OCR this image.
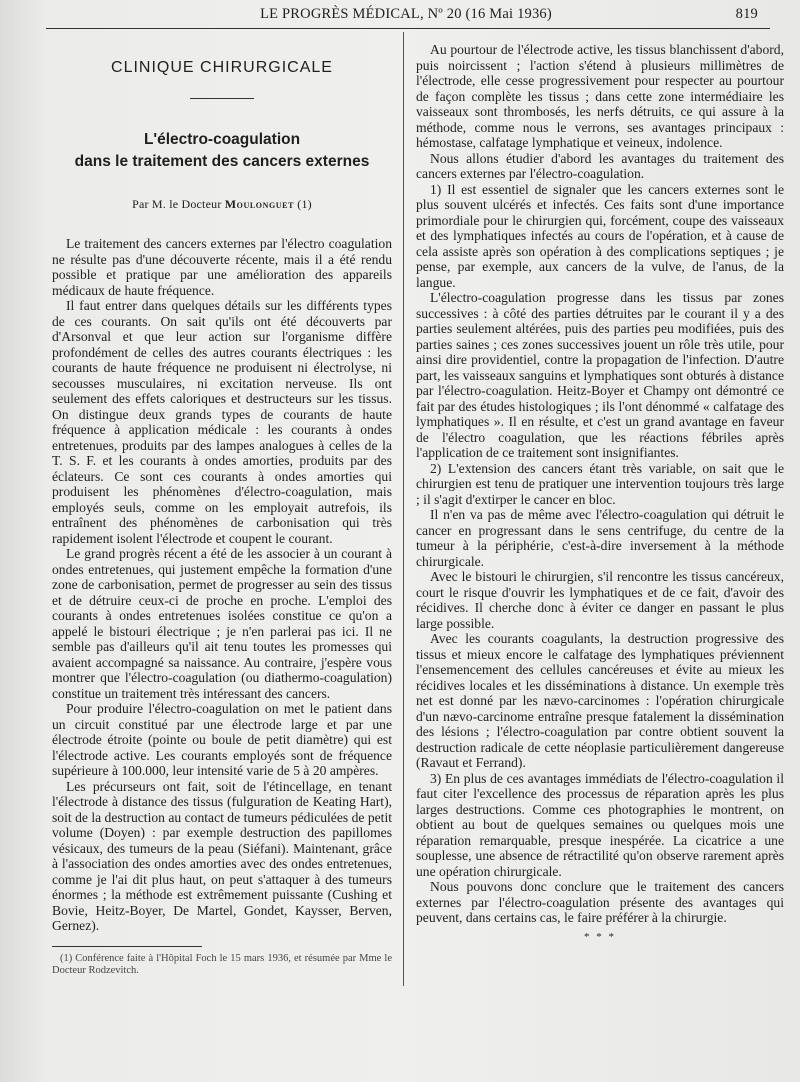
LE PROGRÈS MÉDICAL, Nº 20 (16 Mai 1936)	819

CLINIQUE CHIRURGICALE

L'électro-coagulation
dans le traitement des cancers externes

Par M. le Docteur Moulonguet (1)

Le traitement des cancers externes par l'électro coagulation ne résulte pas d'une découverte récente, mais il a été rendu possible et pratique par une amélioration des appareils médicaux de haute fréquence.

Il faut entrer dans quelques détails sur les différents types de ces courants. On sait qu'ils ont été découverts par d'Arsonval et que leur action sur l'organisme diffère profondément de celles des autres courants électriques : les courants de haute fréquence ne produisent ni électrolyse, ni secousses musculaires, ni excitation nerveuse. Ils ont seulement des effets caloriques et destructeurs sur les tissus. On distingue deux grands types de courants de haute fréquence à application médicale : les courants à ondes entretenues, produits par des lampes analogues à celles de la T. S. F. et les courants à ondes amorties, produits par des éclateurs. Ce sont ces courants à ondes amorties qui produisent les phénomènes d'électro-coagulation, mais employés seuls, comme on les employait autrefois, ils entraînent des phénomènes de carbonisation qui très rapidement isolent l'électrode et coupent le courant.

Le grand progrès récent a été de les associer à un courant à ondes entretenues, qui justement empêche la formation d'une zone de carbonisation, permet de progresser au sein des tissus et de détruire ceux-ci de proche en proche. L'emploi des courants à ondes entretenues isolées constitue ce qu'on a appelé le bistouri électrique ; je n'en parlerai pas ici. Il ne semble pas d'ailleurs qu'il ait tenu toutes les promesses qui avaient accompagné sa naissance. Au contraire, j'espère vous montrer que l'électro-coagulation (ou diathermo-coagulation) constitue un traitement très intéressant des cancers.

Pour produire l'électro-coagulation on met le patient dans un circuit constitué par une électrode large et par une électrode étroite (pointe ou boule de petit diamètre) qui est l'électrode active. Les courants employés sont de fréquence supérieure à 100.000, leur intensité varie de 5 à 20 ampères.

Les précurseurs ont fait, soit de l'étincellage, en tenant l'électrode à distance des tissus (fulguration de Keating Hart), soit de la destruction au contact de tumeurs pédiculées de petit volume (Doyen) : par exemple destruction des papillomes vésicaux, des tumeurs de la peau (Siéfani). Maintenant, grâce à l'association des ondes amorties avec des ondes entretenues, comme je l'ai dit plus haut, on peut s'attaquer à des tumeurs énormes ; la méthode est extrêmement puissante (Cushing et Bovie, Heitz-Boyer, De Martel, Gondet, Kaysser, Berven, Gernez).

(1) Conférence faite à l'Hôpital Foch le 15 mars 1936, et résumée par Mme le Docteur Rodzevitch.

Au pourtour de l'électrode active, les tissus blanchissent d'abord, puis noircissent ; l'action s'étend à plusieurs millimètres de l'électrode, elle cesse progressivement pour respecter au pourtour de façon complète les tissus ; dans cette zone intermédiaire les vaisseaux sont thrombosés, les nerfs détruits, ce qui assure à la méthode, comme nous le verrons, ses avantages principaux : hémostase, calfatage lymphatique et veineux, indolence.

Nous allons étudier d'abord les avantages du traitement des cancers externes par l'électro-coagulation.

1) Il est essentiel de signaler que les cancers externes sont le plus souvent ulcérés et infectés. Ces faits sont d'une importance primordiale pour le chirurgien qui, forcément, coupe des vaisseaux et des lymphatiques infectés au cours de l'opération, et à cause de cela assiste après son opération à des complications septiques ; je pense, par exemple, aux cancers de la vulve, de l'anus, de la langue.

L'électro-coagulation progresse dans les tissus par zones successives : à côté des parties détruites par le courant il y a des parties seulement altérées, puis des parties peu modifiées, puis des parties saines ; ces zones successives jouent un rôle très utile, pour ainsi dire providentiel, contre la propagation de l'infection. D'autre part, les vaisseaux sanguins et lymphatiques sont obturés à distance par l'électro-coagulation. Heitz-Boyer et Champy ont démontré ce fait par des études histologiques ; ils l'ont dénommé « calfatage des lymphatiques ». Il en résulte, et c'est un grand avantage en faveur de l'électro coagulation, que les réactions fébriles après l'application de ce traitement sont insignifiantes.

2) L'extension des cancers étant très variable, on sait que le chirurgien est tenu de pratiquer une intervention toujours très large ; il s'agit d'extirper le cancer en bloc.

Il n'en va pas de même avec l'électro-coagulation qui détruit le cancer en progressant dans le sens centrifuge, du centre de la tumeur à la périphérie, c'est-à-dire inversement à la méthode chirurgicale.

Avec le bistouri le chirurgien, s'il rencontre les tissus cancéreux, court le risque d'ouvrir les lymphatiques et de ce fait, d'avoir des récidives. Il cherche donc à éviter ce danger en passant le plus large possible.

Avec les courants coagulants, la destruction progressive des tissus et mieux encore le calfatage des lymphatiques préviennent l'ensemencement des cellules cancéreuses et évite au mieux les récidives locales et les disséminations à distance. Un exemple très net est donné par les nævo-carcinomes : l'opération chirurgicale d'un nævo-carcinome entraîne presque fatalement la dissémination des lésions ; l'électro-coagulation par contre obtient souvent la destruction radicale de cette néoplasie particulièrement dangereuse (Ravaut et Ferrand).

3) En plus de ces avantages immédiats de l'électro-coagulation il faut citer l'excellence des processus de réparation après les plus larges destructions. Comme ces photographies le montrent, on obtient au bout de quelques semaines ou quelques mois une réparation remarquable, presque inespérée. La cicatrice a une souplesse, une absence de rétractilité qu'on observe rarement après une opération chirurgicale.

Nous pouvons donc conclure que le traitement des cancers externes par l'électro-coagulation présente des avantages qui peuvent, dans certains cas, le faire préférer à la chirurgie.

* * *
